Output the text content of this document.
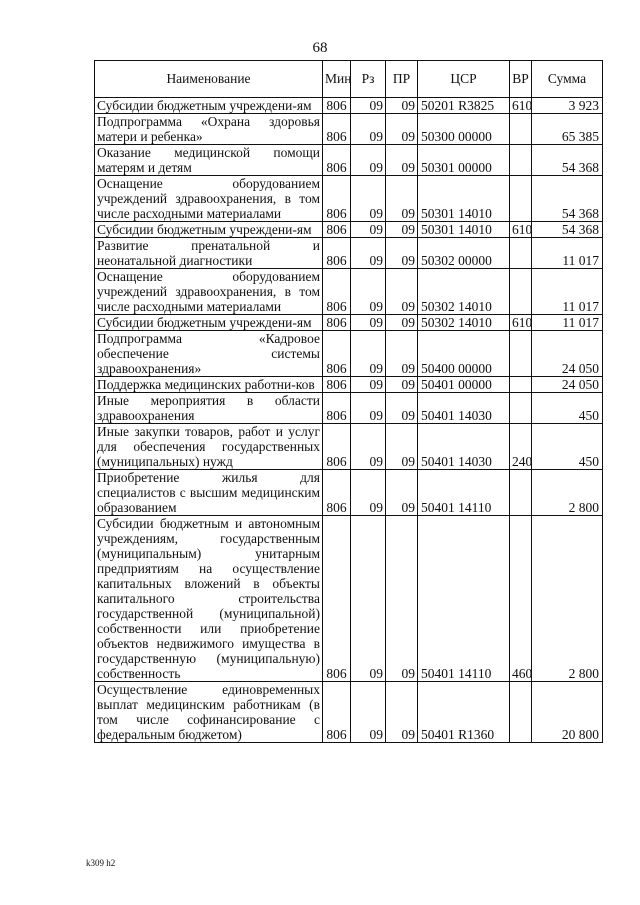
68
Наименование	Мин	Рз	ПР	ЦСР	ВР	Сумма
Субсидии бюджетным учреждени-ям	806	09	09	50201 R3825	610	3 923
Подпрограмма «Охрана здоровья матери и ребенка»	806	09	09	50300 00000		65 385
Оказание медицинской помощи матерям и детям	806	09	09	50301 00000		54 368
Оснащение оборудованием учреждений здравоохранения, в том числе расходными материалами	806	09	09	50301 14010		54 368
Субсидии бюджетным учреждени-ям	806	09	09	50301 14010	610	54 368
Развитие пренатальной и неонатальной диагностики	806	09	09	50302 00000		11 017
Оснащение оборудованием учреждений здравоохранения, в том числе расходными материалами	806	09	09	50302 14010		11 017
Субсидии бюджетным учреждени-ям	806	09	09	50302 14010	610	11 017
Подпрограмма «Кадровое обеспечение системы здравоохранения»	806	09	09	50400 00000		24 050
Поддержка медицинских работни-ков	806	09	09	50401 00000		24 050
Иные мероприятия в области здравоохранения	806	09	09	50401 14030		450
Иные закупки товаров, работ и услуг для обеспечения государственных (муниципальных) нужд	806	09	09	50401 14030	240	450
Приобретение жилья для специалистов с высшим медицинским образованием	806	09	09	50401 14110		2 800
Субсидии бюджетным и автономным учреждениям, государственным (муниципальным) унитарным предприятиям на осуществление капитальных вложений в объекты капитального строительства государственной (муниципальной) собственности или приобретение объектов недвижимого имущества в государственную (муниципальную) собственность	806	09	09	50401 14110	460	2 800
Осуществление единовременных выплат медицинским работникам (в том числе софинансирование с федеральным бюджетом)	806	09	09	50401 R1360		20 800
k309 h2
